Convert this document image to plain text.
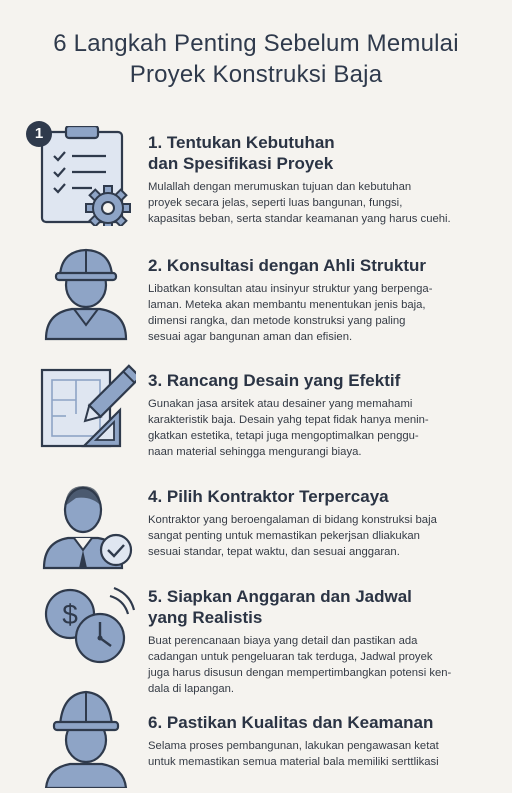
6 Langkah Penting Sebelum Memulai
Proyek Konstruksi Baja
1. Tentukan Kebutuhan
dan Spesifikasi Proyek
Mulallah dengan merumuskan tujuan dan kebutuhan
proyek secara jelas, seperti luas bangunan, fungsi,
kapasitas beban, serta standar keamanan yang harus cuehi.
1
2. Konsultasi dengan Ahli Struktur
Libatkan konsultan atau insinyur struktur yang berpenga-
laman. Meteka akan membantu menentukan jenis baja,
dimensi rangka, dan metode konstruksi yang paling
sesuai agar bangunan aman dan efisien.
3. Rancang Desain yang Efektif
Gunakan jasa arsitek atau desainer yang memahami
karakteristik baja. Desain yahg tepat fidak hanya menin-
gkatkan estetika, tetapi juga mengoptimalkan penggu-
naan material sehingga mengurangi biaya.
4. Pilih Kontraktor Terpercaya
Kontraktor yang beroengalaman di bidang konstruksi baja
sangat penting untuk memastikan pekerjsan dliakukan
sesuai standar, tepat waktu, dan sesuai anggaran.
$
5. Siapkan Anggaran dan Jadwal
yang Realistis
Buat perencanaan biaya yang detail dan pastikan ada
cadangan untuk pengeluaran tak terduga, Jadwal proyek
juga harus disusun dengan mempertimbangkan potensi ken-
dala di lapangan.
6. Pastikan Kualitas dan Keamanan
Selama proses pembangunan, lakukan pengawasan ketat
untuk memastikan semua material bala memiliki serttlikasi
